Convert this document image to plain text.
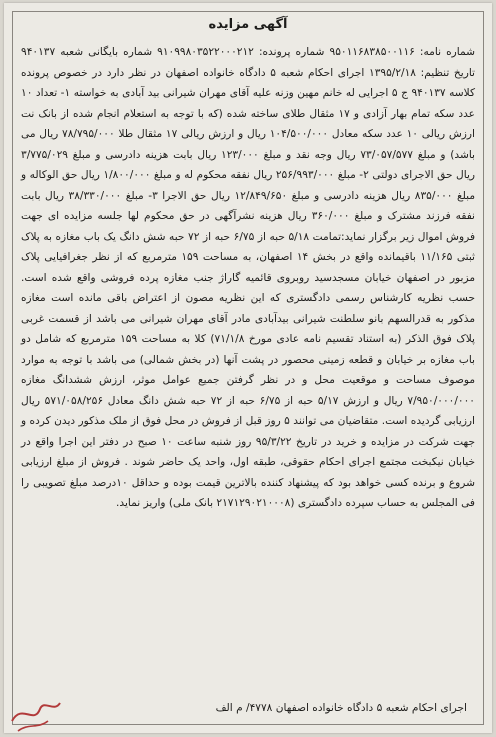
آگهی مزایده
شماره نامه: ۹۵۰۱۱۶۸۳۸۵۰۰۱۱۶ شماره پرونده: ۹۱۰۹۹۸۰۳۵۲۲۰۰۰۲۱۲ شماره بایگانی شعبه ۹۴۰۱۳۷ تاریخ تنظیم: ۱۳۹۵/۲/۱۸ اجرای احکام شعبه ۵ دادگاه خانواده اصفهان در نظر دارد در خصوص پرونده کلاسه ۹۴۰۱۳۷ ج ۵ اجرایی له خانم مهین وزنه علیه آقای مهران شیرانی بید آبادی به خواسته ۱- تعداد ۱۰ عدد سکه تمام بهار آزادی و ۱۷ مثقال طلای ساخته شده (که با توجه به استعلام انجام شده از بانک نت ارزش ریالی ۱۰ عدد سکه معادل ۱۰۴/۵۰۰/۰۰۰ ریال و ارزش ریالی ۱۷ مثقال طلا ۷۸/۷۹۵/۰۰۰ ریال می باشد) و مبلغ ۷۳/۰۵۷/۵۷۷ ریال وجه نقد و مبلغ ۱۲۳/۰۰۰ ریال بابت هزینه دادرسی و مبلغ ۳/۷۷۵/۰۲۹ ریال حق الاجرای دولتی ۲- مبلغ ۲۵۶/۹۹۳/۰۰۰ ریال نفقه محکوم له و مبلغ ۱/۸۰۰/۰۰۰ ریال حق الوکاله و مبلغ ۸۳۵/۰۰۰ ریال هزینه دادرسی و مبلغ ۱۲/۸۴۹/۶۵۰ ریال حق الاجرا ۳- مبلغ ۳۸/۳۳۰/۰۰۰ ریال بابت نفقه فرزند مشترک و مبلغ ۳۶۰/۰۰۰ ریال هزینه نشرآگهی در حق محکوم لها جلسه مزایده ای جهت فروش اموال زیر برگزار نماید:تمامت ۵/۱۸ حبه از ۶/۷۵ حبه از ۷۲ حبه شش دانگ یک باب مغازه به پلاک ثبتی ۱۱/۱۶۵ باقیمانده واقع در بخش ۱۴ اصفهان، به مساحت ۱۵۹ مترمربع که از نظر جغرافیایی پلاک مزبور در اصفهان خیابان مسجدسید روبروی قائمیه گاراژ جنب مغازه پرده فروشی واقع شده است. حسب نظریه کارشناس رسمی دادگستری که این نظریه مصون از اعتراض باقی مانده است مغازه مذکور به قدرالسهم بانو سلطنت شیرانی بیدآبادی مادر آقای مهران شیرانی می باشد از قسمت غربی پلاک فوق الذکر (به استناد تقسیم نامه عادی مورخ ۷۱/۱/۸) کلا به مساحت ۱۵۹ مترمربع که شامل دو باب مغازه بر خیابان و قطعه زمینی محصور در پشت آنها (در بخش شمالی) می باشد با توجه به موارد موصوف مساحت و موقعیت محل و در نظر گرفتن جمیع عوامل موثر، ارزش ششدانگ مغازه ۷/۹۵۰/۰۰۰/۰۰۰ ریال و ارزش ۵/۱۷ حبه از ۶/۷۵ حبه از ۷۲ حبه شش دانگ معادل ۵۷۱/۰۵۸/۲۵۶ ریال ارزیابی گردیده است. متقاضیان می توانند ۵ روز قبل از فروش در محل فوق از ملک مذکور دیدن کرده و جهت شرکت در مزایده و خرید در تاریخ ۹۵/۳/۲۲ روز شنبه ساعت ۱۰ صبح در دفتر این اجرا واقع در خیابان نیکبخت مجتمع اجرای احکام حقوقی، طبقه اول، واحد یک حاضر شوند . فروش از مبلغ ارزیابی شروع و برنده کسی خواهد بود که پیشنهاد کننده بالاترین قیمت بوده و حداقل ۱۰درصد مبلغ تصویبی را فی المجلس به حساب سپرده دادگستری (۲۱۷۱۲۹۰۲۱۰۰۰۸ بانک ملی) واریز نماید.
اجرای احکام شعبه ۵ دادگاه خانواده اصفهان ۴۷۷۸/ م الف
